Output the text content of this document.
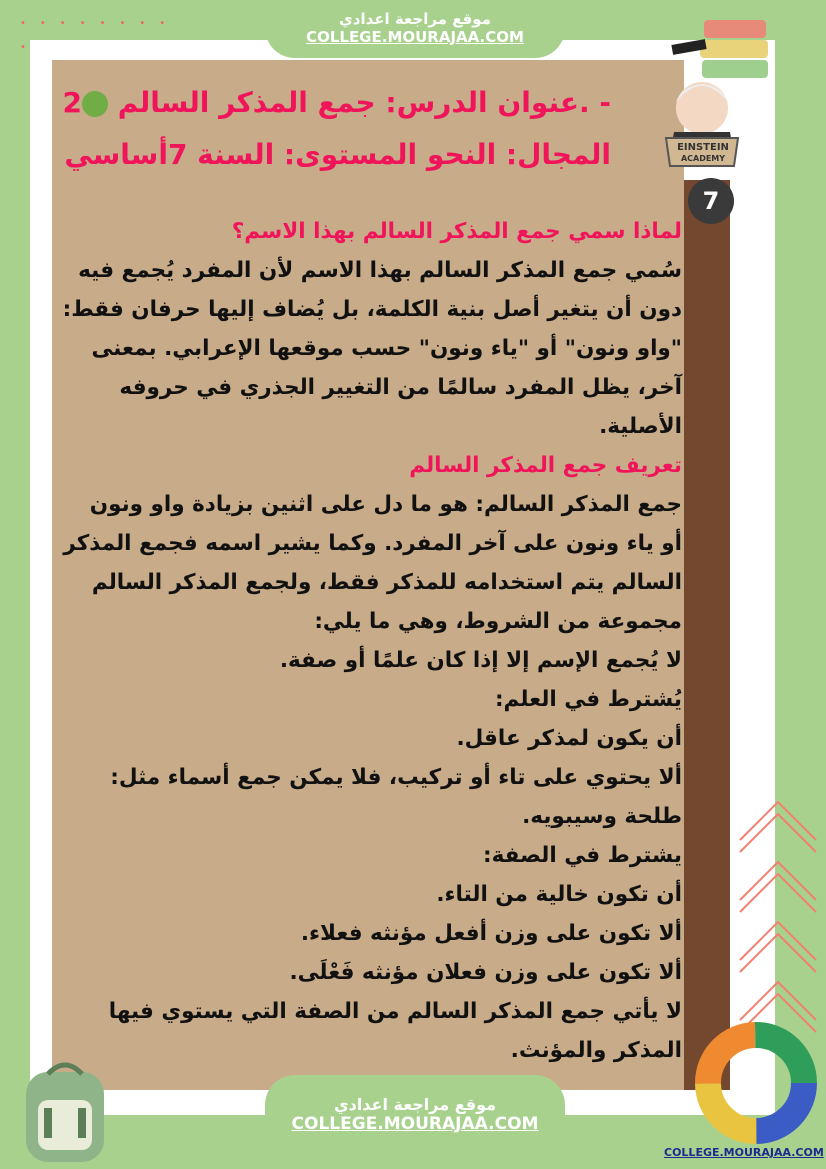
7
••••••••
•
موقع مراجعة اعدادي
COLLEGE.MOURAJAA.COM
EINSTEIN
ACADEMY
- .عنوان الدرس: جمع المذكر السالم 2
المجال: النحو المستوى: السنة 7أساسي
لماذا سمي جمع المذكر السالم بهذا الاسم؟
سُمي جمع المذكر السالم بهذا الاسم لأن المفرد يُجمع فيه
دون أن يتغير أصل بنية الكلمة، بل يُضاف إليها حرفان فقط:
"واو ونون" أو "ياء ونون" حسب موقعها الإعرابي. بمعنى
آخر، يظل المفرد سالمًا من التغيير الجذري في حروفه
الأصلية.
تعريف جمع المذكر السالم
جمع المذكر السالم: هو ما دل على اثنين بزيادة واو ونون
أو ياء ونون على آخر المفرد. وكما يشير اسمه فجمع المذكر
السالم يتم استخدامه للمذكر فقط، ولجمع المذكر السالم
مجموعة من الشروط، وهي ما يلي:
لا يُجمع الإسم إلا إذا كان علمًا أو صفة.
يُشترط في العلم:
أن يكون لمذكر عاقل.
ألا يحتوي على تاء أو تركيب، فلا يمكن جمع أسماء مثل:
طلحة وسيبويه.
يشترط في الصفة:
أن تكون خالية من التاء.
ألا تكون على وزن أفعل مؤنثه فعلاء.
ألا تكون على وزن فعلان مؤنثه فَعْلَى.
لا يأتي جمع المذكر السالم من الصفة التي يستوي فيها
المذكر والمؤنث.
موقع مراجعة اعدادي
COLLEGE.MOURAJAA.COM
COLLEGE.MOURAJAA.COM
